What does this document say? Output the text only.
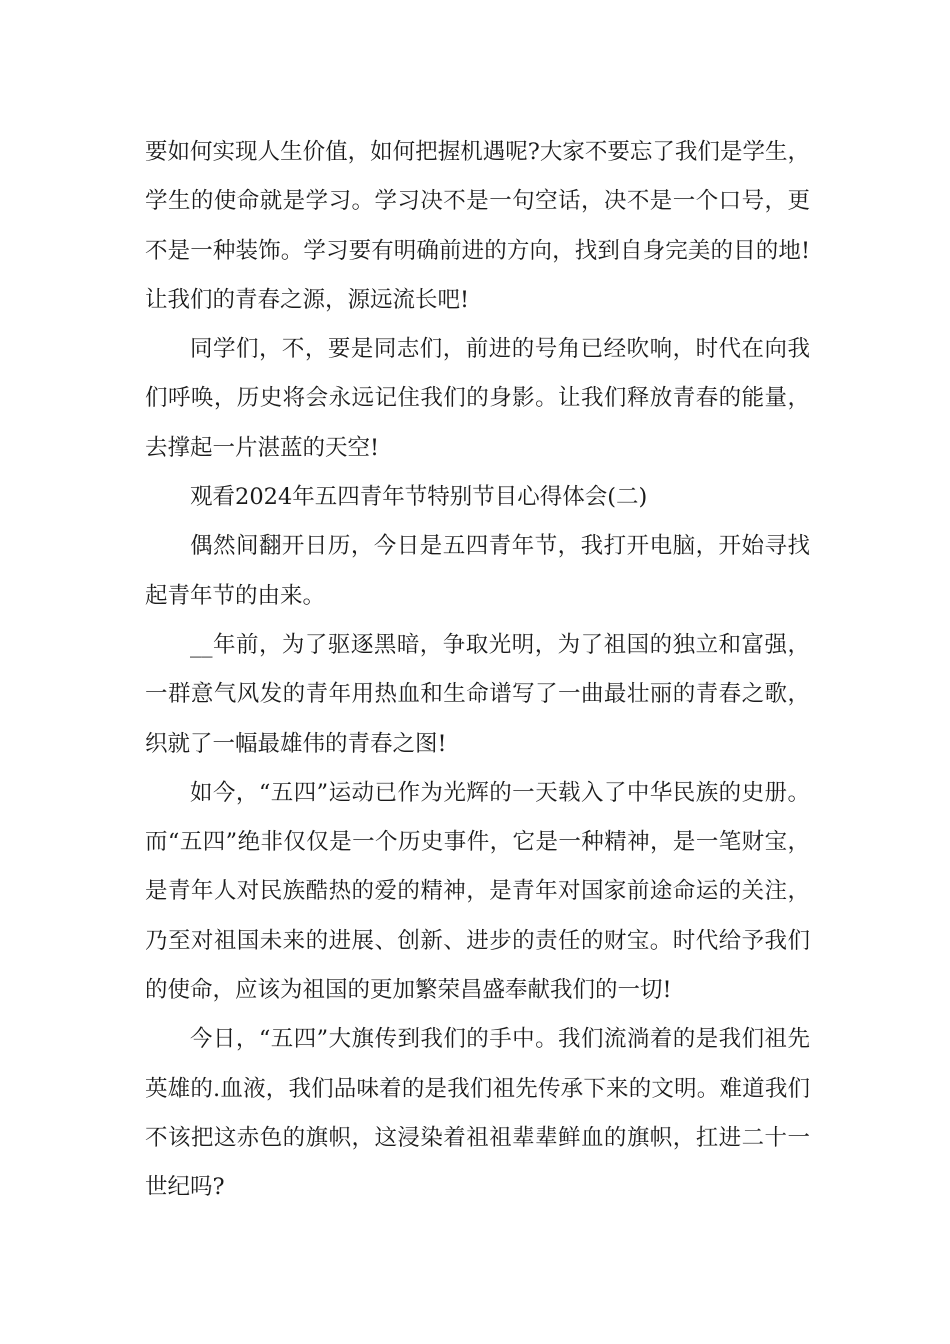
要如何实现人生价值，如何把握机遇呢?大家不要忘了我们是学生，学生的使命就是学习。学习决不是一句空话，决不是一个口号，更不是一种装饰。学习要有明确前进的方向，找到自身完美的目的地!让我们的青春之源，源远流长吧!

同学们，不，要是同志们，前进的号角已经吹响，时代在向我们呼唤，历史将会永远记住我们的身影。让我们释放青春的能量，去撑起一片湛蓝的天空!

观看2024年五四青年节特别节目心得体会(二)

偶然间翻开日历，今日是五四青年节，我打开电脑，开始寻找起青年节的由来。

__年前，为了驱逐黑暗，争取光明，为了祖国的独立和富强，一群意气风发的青年用热血和生命谱写了一曲最壮丽的青春之歌，织就了一幅最雄伟的青春之图!

如今，“五四”运动已作为光辉的一天载入了中华民族的史册。而“五四”绝非仅仅是一个历史事件，它是一种精神，是一笔财宝，是青年人对民族酷热的爱的精神，是青年对国家前途命运的关注，乃至对祖国未来的进展、创新、进步的责任的财宝。时代给予我们的使命，应该为祖国的更加繁荣昌盛奉献我们的一切!

今日，“五四”大旗传到我们的手中。我们流淌着的是我们祖先英雄的.血液，我们品味着的是我们祖先传承下来的文明。难道我们不该把这赤色的旗帜，这浸染着祖祖辈辈鲜血的旗帜，扛进二十一世纪吗?
